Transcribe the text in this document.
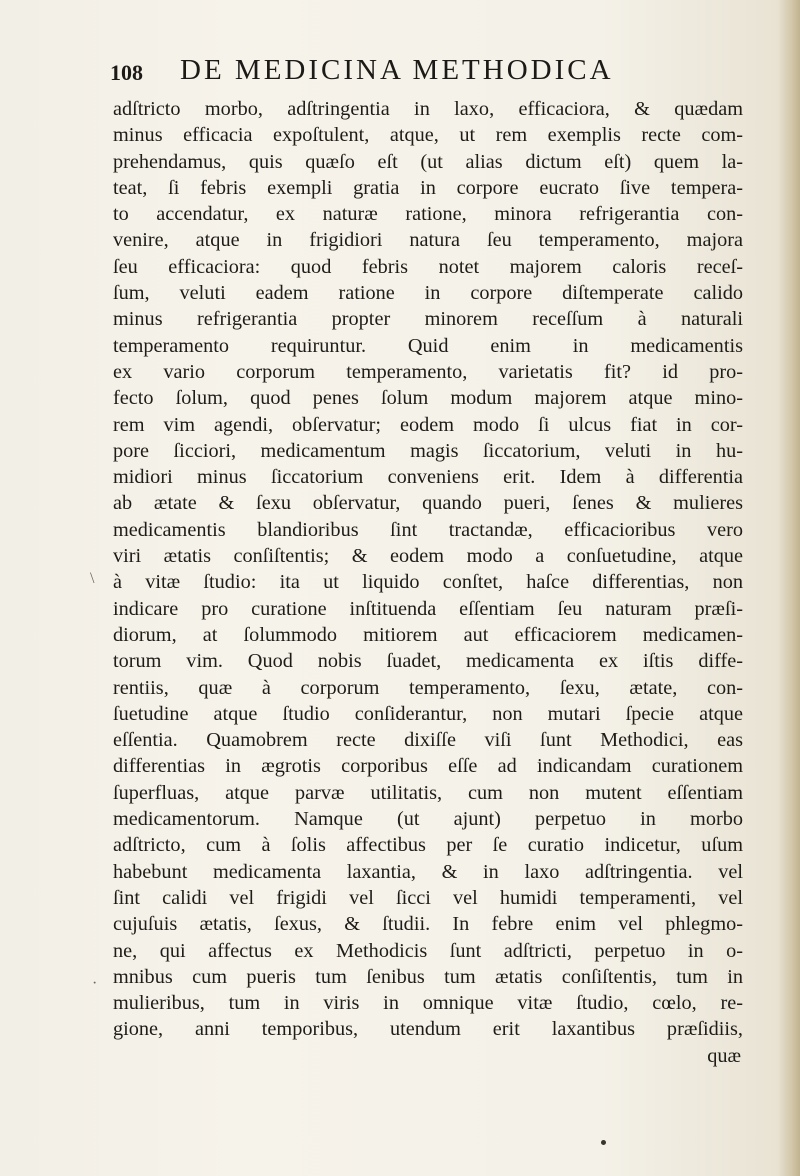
108 DE MEDICINA METHODICA
adſtricto morbo, adſtringentia in laxo, efficaciora, & quædam
minus efficacia expoſtulent, atque, ut rem exemplis recte com-
prehendamus, quis quæſo eſt (ut alias dictum eſt) quem la-
teat, ſi febris exempli gratia in corpore eucrato ſive tempera-
to accendatur, ex naturæ ratione, minora refrigerantia con-
venire, atque in frigidiori natura ſeu temperamento, majora
ſeu efficaciora: quod febris notet majorem caloris receſ-
ſum, veluti eadem ratione in corpore diſtemperate calido
minus refrigerantia propter minorem receſſum à naturali
temperamento requiruntur. Quid enim in medicamentis
ex vario corporum temperamento, varietatis fit? id pro-
fecto ſolum, quod penes ſolum modum majorem atque mino-
rem vim agendi, obſervatur; eodem modo ſi ulcus fiat in cor-
pore ſicciori, medicamentum magis ſiccatorium, veluti in hu-
midiori minus ſiccatorium conveniens erit. Idem à differentia
ab ætate & ſexu obſervatur, quando pueri, ſenes & mulieres
medicamentis blandioribus ſint tractandæ, efficacioribus vero
viri ætatis conſiſtentis; & eodem modo a conſuetudine, atque
à vitæ ſtudio: ita ut liquido conſtet, haſce differentias, non
indicare pro curatione inſtituenda eſſentiam ſeu naturam præſi-
diorum, at ſolummodo mitiorem aut efficaciorem medicamen-
torum vim. Quod nobis ſuadet, medicamenta ex iſtis diffe-
rentiis, quæ à corporum temperamento, ſexu, ætate, con-
ſuetudine atque ſtudio conſiderantur, non mutari ſpecie atque
eſſentia. Quamobrem recte dixiſſe viſi ſunt Methodici, eas
differentias in ægrotis corporibus eſſe ad indicandam curationem
ſuperfluas, atque parvæ utilitatis, cum non mutent eſſentiam
medicamentorum. Namque (ut ajunt) perpetuo in morbo
adſtricto, cum à ſolis affectibus per ſe curatio indicetur, uſum
habebunt medicamenta laxantia, & in laxo adſtringentia. vel
ſint calidi vel frigidi vel ſicci vel humidi temperamenti, vel
cujuſuis ætatis, ſexus, & ſtudii. In febre enim vel phlegmo-
ne, qui affectus ex Methodicis ſunt adſtricti, perpetuo in o-
mnibus cum pueris tum ſenibus tum ætatis conſiſtentis, tum in
mulieribus, tum in viris in omnique vitæ ſtudio, cœlo, re-
gione, anni temporibus, utendum erit laxantibus præſidiis,
quæ
\
·
